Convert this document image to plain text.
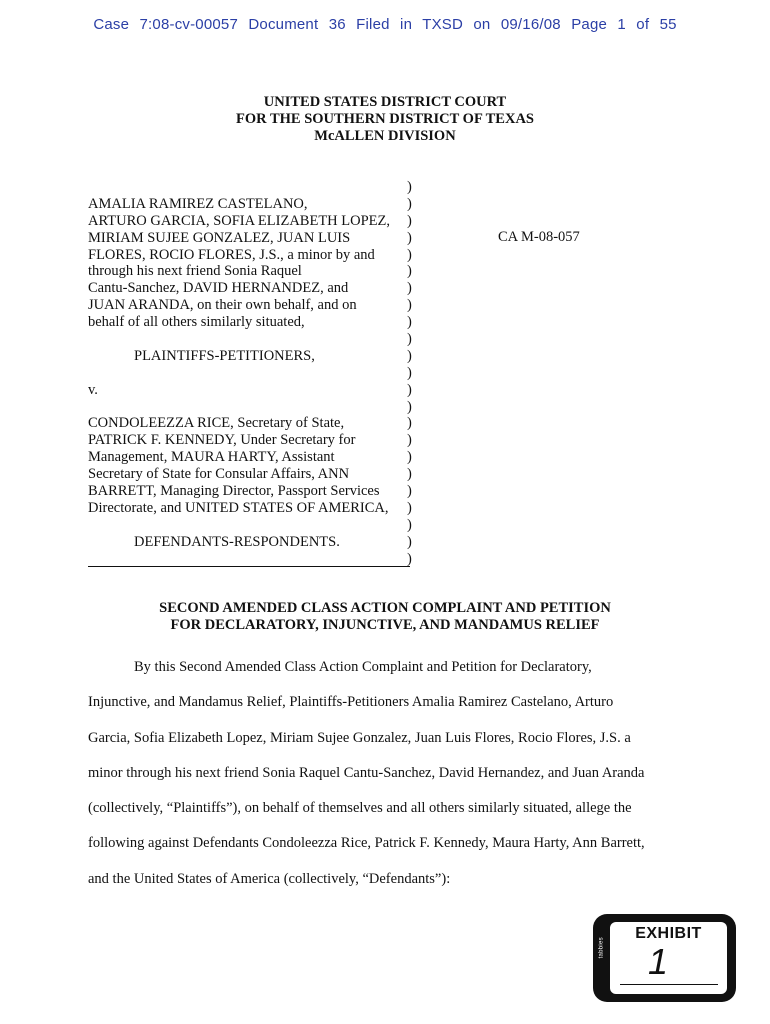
Case 7:08-cv-00057 Document 36 Filed in TXSD on 09/16/08 Page 1 of 55
UNITED STATES DISTRICT COURT
FOR THE SOUTHERN DISTRICT OF TEXAS
McALLEN DIVISION
AMALIA RAMIREZ CASTELANO,
ARTURO GARCIA, SOFIA ELIZABETH LOPEZ,
MIRIAM SUJEE GONZALEZ, JUAN LUIS
FLORES, ROCIO FLORES, J.S., a minor by and
through his next friend Sonia Raquel
Cantu-Sanchez, DAVID HERNANDEZ, and
JUAN ARANDA, on their own behalf, and on
behalf of all others similarly situated,
PLAINTIFFS-PETITIONERS,
v.
CONDOLEEZZA RICE, Secretary of State,
PATRICK F. KENNEDY, Under Secretary for
Management, MAURA HARTY, Assistant
Secretary of State for Consular Affairs, ANN
BARRETT, Managing Director, Passport Services
Directorate, and UNITED STATES OF AMERICA,
DEFENDANTS-RESPONDENTS.
)
)
)
)
)
)
)
)
)
)
)
)
)
)
)
)
)
)
)
)
)
)
)
CA M-08-057
SECOND AMENDED CLASS ACTION COMPLAINT AND PETITION
FOR DECLARATORY, INJUNCTIVE, AND MANDAMUS RELIEF
By this Second Amended Class Action Complaint and Petition for Declaratory,
Injunctive, and Mandamus Relief, Plaintiffs-Petitioners Amalia Ramirez Castelano, Arturo
Garcia, Sofia Elizabeth Lopez, Miriam Sujee Gonzalez, Juan Luis Flores, Rocio Flores, J.S. a
minor through his next friend Sonia Raquel Cantu-Sanchez, David Hernandez, and Juan Aranda
(collectively, “Plaintiffs”), on behalf of themselves and all others similarly situated, allege the
following against Defendants Condoleezza Rice, Patrick F. Kennedy, Maura Harty, Ann Barrett,
and the United States of America (collectively, “Defendants”):
tabbies
EXHIBIT
1
